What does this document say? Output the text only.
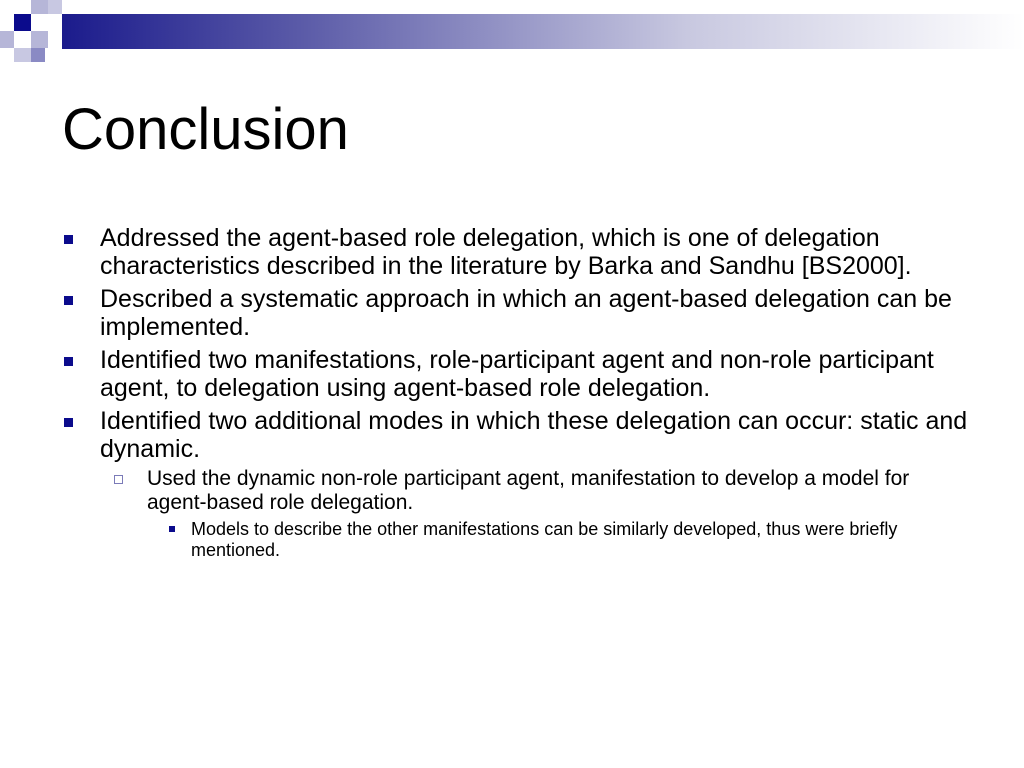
Conclusion
Addressed the agent-based role delegation, which is one of delegation characteristics described in the literature by Barka and Sandhu [BS2000].
Described a systematic approach in which an agent-based delegation can be implemented.
Identified two manifestations, role-participant agent and non-role participant agent, to delegation using agent-based role delegation.
Identified two additional modes in which these delegation can occur: static and dynamic.
Used the dynamic non-role participant agent, manifestation to develop a model for agent-based role delegation.
Models to describe the other manifestations can be similarly developed, thus were briefly mentioned.
